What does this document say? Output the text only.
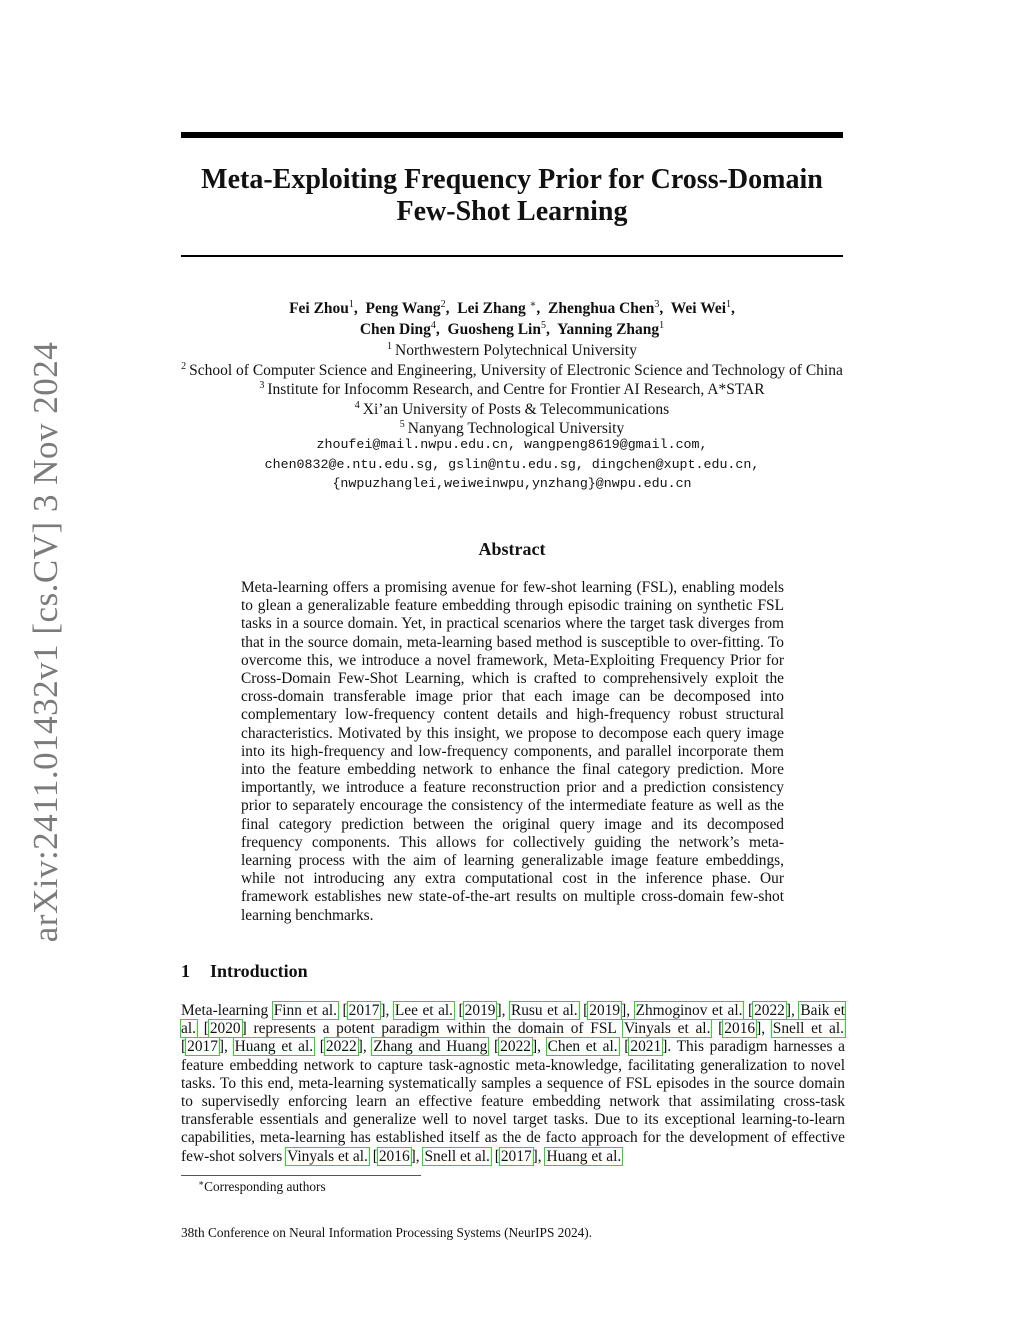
arXiv:2411.01432v1 [cs.CV] 3 Nov 2024
Meta-Exploiting Frequency Prior for Cross-Domain
Few-Shot Learning
Fei Zhou$^1$,  Peng Wang$^2$,  Lei Zhang ∗,  Zhenghua Chen$^3$,  Wei Wei$^1$,
Chen Ding$^4$,  Guosheng Lin$^5$,  Yanning Zhang$^1$
$^1$ Northwestern Polytechnical University
$^2$ School of Computer Science and Engineering, University of Electronic Science and Technology of China
$^3$ Institute for Infocomm Research, and Centre for Frontier AI Research, A*STAR
$^4$ Xi’an University of Posts & Telecommunications
$^5$ Nanyang Technological University
zhoufei@mail.nwpu.edu.cn, wangpeng8619@gmail.com,
chen0832@e.ntu.edu.sg, gslin@ntu.edu.sg, dingchen@xupt.edu.cn,
{nwpuzhanglei,weiweinwpu,ynzhang}@nwpu.edu.cn
Abstract
Meta-learning offers a promising avenue for few-shot learning (FSL), enabling models to glean a generalizable feature embedding through episodic training on synthetic FSL tasks in a source domain. Yet, in practical scenarios where the target task diverges from that in the source domain, meta-learning based method is susceptible to over-fitting. To overcome this, we introduce a novel framework, Meta-Exploiting Frequency Prior for Cross-Domain Few-Shot Learning, which is crafted to comprehensively exploit the cross-domain transferable image prior that each image can be decomposed into complementary low-frequency content details and high-frequency robust structural characteristics. Motivated by this insight, we propose to decompose each query image into its high-frequency and low-frequency components, and parallel incorporate them into the feature embedding network to enhance the final category prediction. More importantly, we introduce a feature reconstruction prior and a prediction consistency prior to separately encourage the consistency of the intermediate feature as well as the final category prediction between the original query image and its decomposed frequency components. This allows for collectively guiding the network’s meta-learning process with the aim of learning generalizable image feature embeddings, while not introducing any extra computational cost in the inference phase. Our framework establishes new state-of-the-art results on multiple cross-domain few-shot learning benchmarks.
1 Introduction
Meta-learning Finn et al. [2017], Lee et al. [2019], Rusu et al. [2019], Zhmoginov et al. [2022], Baik et al. [2020] represents a potent paradigm within the domain of FSL Vinyals et al. [2016], Snell et al. [2017], Huang et al. [2022], Zhang and Huang [2022], Chen et al. [2021]. This paradigm harnesses a feature embedding network to capture task-agnostic meta-knowledge, facilitating generalization to novel tasks. To this end, meta-learning systematically samples a sequence of FSL episodes in the source domain to supervisedly enforcing learn an effective feature embedding network that assimilating cross-task transferable essentials and generalize well to novel target tasks. Due to its exceptional learning-to-learn capabilities, meta-learning has established itself as the de facto approach for the development of effective few-shot solvers Vinyals et al. [2016], Snell et al. [2017], Huang et al.
∗Corresponding authors
38th Conference on Neural Information Processing Systems (NeurIPS 2024).
